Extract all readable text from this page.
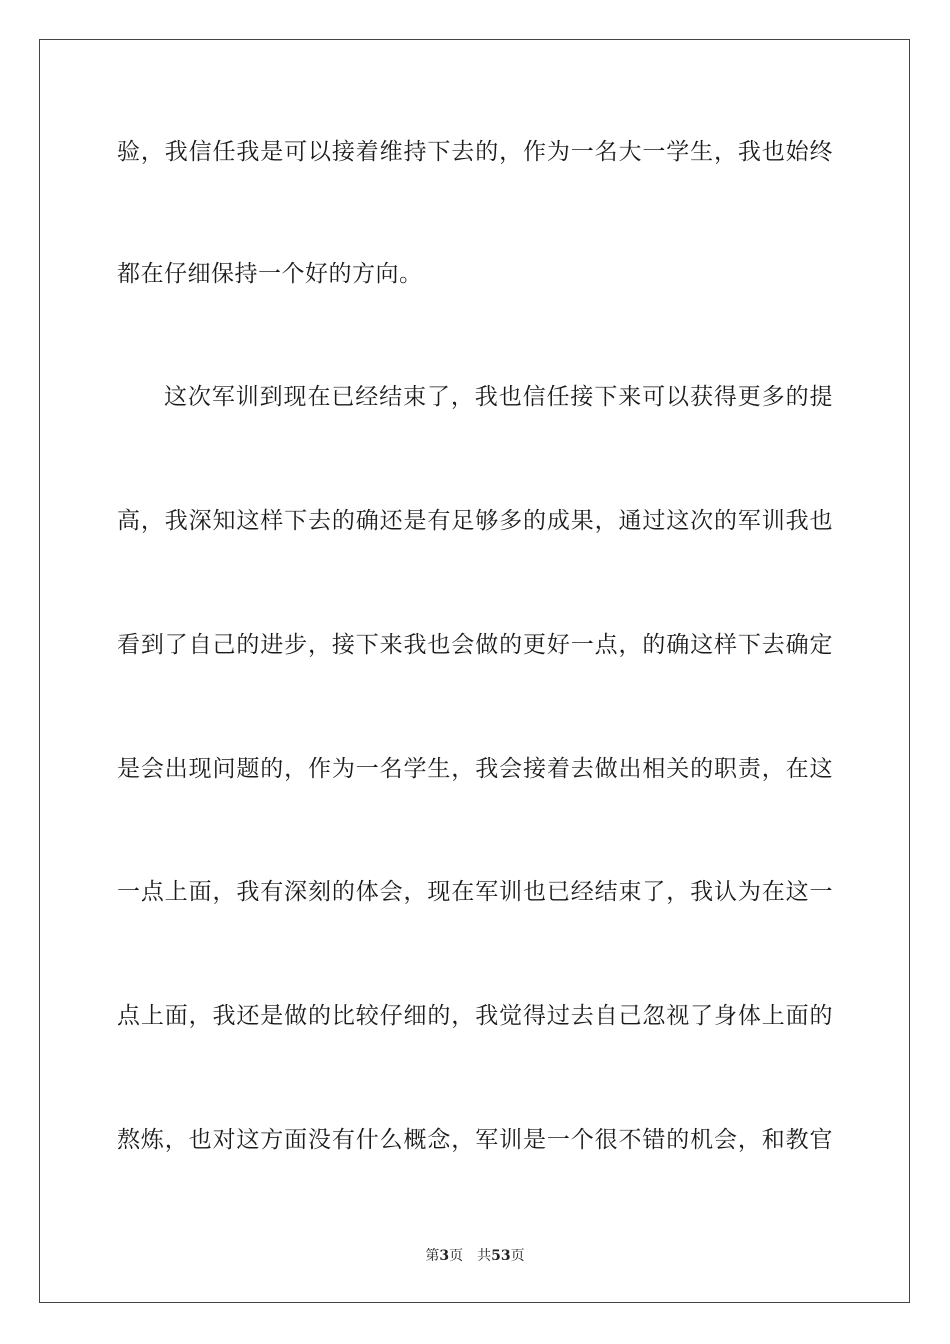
验，我信任我是可以接着维持下去的，作为一名大一学生，我也始终
都在仔细保持一个好的方向。
这次军训到现在已经结束了，我也信任接下来可以获得更多的提
高，我深知这样下去的确还是有足够多的成果，通过这次的军训我也
看到了自己的进步，接下来我也会做的更好一点，的确这样下去确定
是会出现问题的，作为一名学生，我会接着去做出相关的职责，在这
一点上面，我有深刻的体会，现在军训也已经结束了，我认为在这一
点上面，我还是做的比较仔细的，我觉得过去自己忽视了身体上面的
熬炼，也对这方面没有什么概念，军训是一个很不错的机会，和教官
第3页 共53页
